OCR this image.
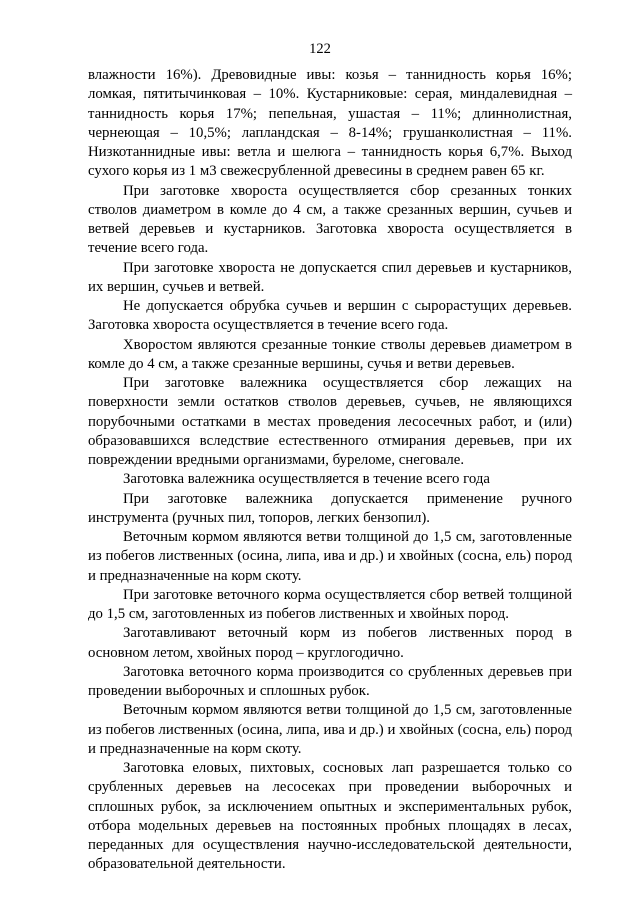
122

влажности 16%). Древовидные ивы: козья – таннидность корья 16%; ломкая, пятитычинковая – 10%. Кустарниковые: серая, миндалевидная – таннидность корья 17%; пепельная, ушастая – 11%; длиннолистная, чернеющая – 10,5%; лапландская – 8-14%; грушанколистная – 11%. Низкотаннидные ивы: ветла и шелюга – таннидность корья 6,7%. Выход сухого корья из 1 м3 свежесрубленной древесины в среднем равен 65 кг.

При заготовке хвороста осуществляется сбор срезанных тонких стволов диаметром в комле до 4 см, а также срезанных вершин, сучьев и ветвей деревьев и кустарников. Заготовка хвороста осуществляется в течение всего года.

При заготовке хвороста не допускается спил деревьев и кустарников, их вершин, сучьев и ветвей.

Не допускается обрубка сучьев и вершин с сырорастущих деревьев. Заготовка хвороста осуществляется в течение всего года.

Хворостом являются срезанные тонкие стволы деревьев диаметром в комле до 4 см, а также срезанные вершины, сучья и ветви деревьев.

При заготовке валежника осуществляется сбор лежащих на поверхности земли остатков стволов деревьев, сучьев, не являющихся порубочными остатками в местах проведения лесосечных работ, и (или) образовавшихся вследствие естественного отмирания деревьев, при их повреждении вредными организмами, буреломе, снеговале.

Заготовка валежника осуществляется в течение всего года

При заготовке валежника допускается применение ручного инструмента (ручных пил, топоров, легких бензопил).

Веточным кормом являются ветви толщиной до 1,5 см, заготовленные из побегов лиственных (осина, липа, ива и др.) и хвойных (сосна, ель) пород и предназначенные на корм скоту.

При заготовке веточного корма осуществляется сбор ветвей толщиной до 1,5 см, заготовленных из побегов лиственных и хвойных пород.

Заготавливают веточный корм из побегов лиственных пород в основном летом, хвойных пород – круглогодично.

Заготовка веточного корма производится со срубленных деревьев при проведении выборочных и сплошных рубок.

Веточным кормом являются ветви толщиной до 1,5 см, заготовленные из побегов лиственных (осина, липа, ива и др.) и хвойных (сосна, ель) пород и предназначенные на корм скоту.

Заготовка еловых, пихтовых, сосновых лап разрешается только со срубленных деревьев на лесосеках при проведении выборочных и сплошных рубок, за исключением опытных и экспериментальных рубок, отбора модельных деревьев на постоянных пробных площадях в лесах, переданных для осуществления научно-исследовательской деятельности, образовательной деятельности.
